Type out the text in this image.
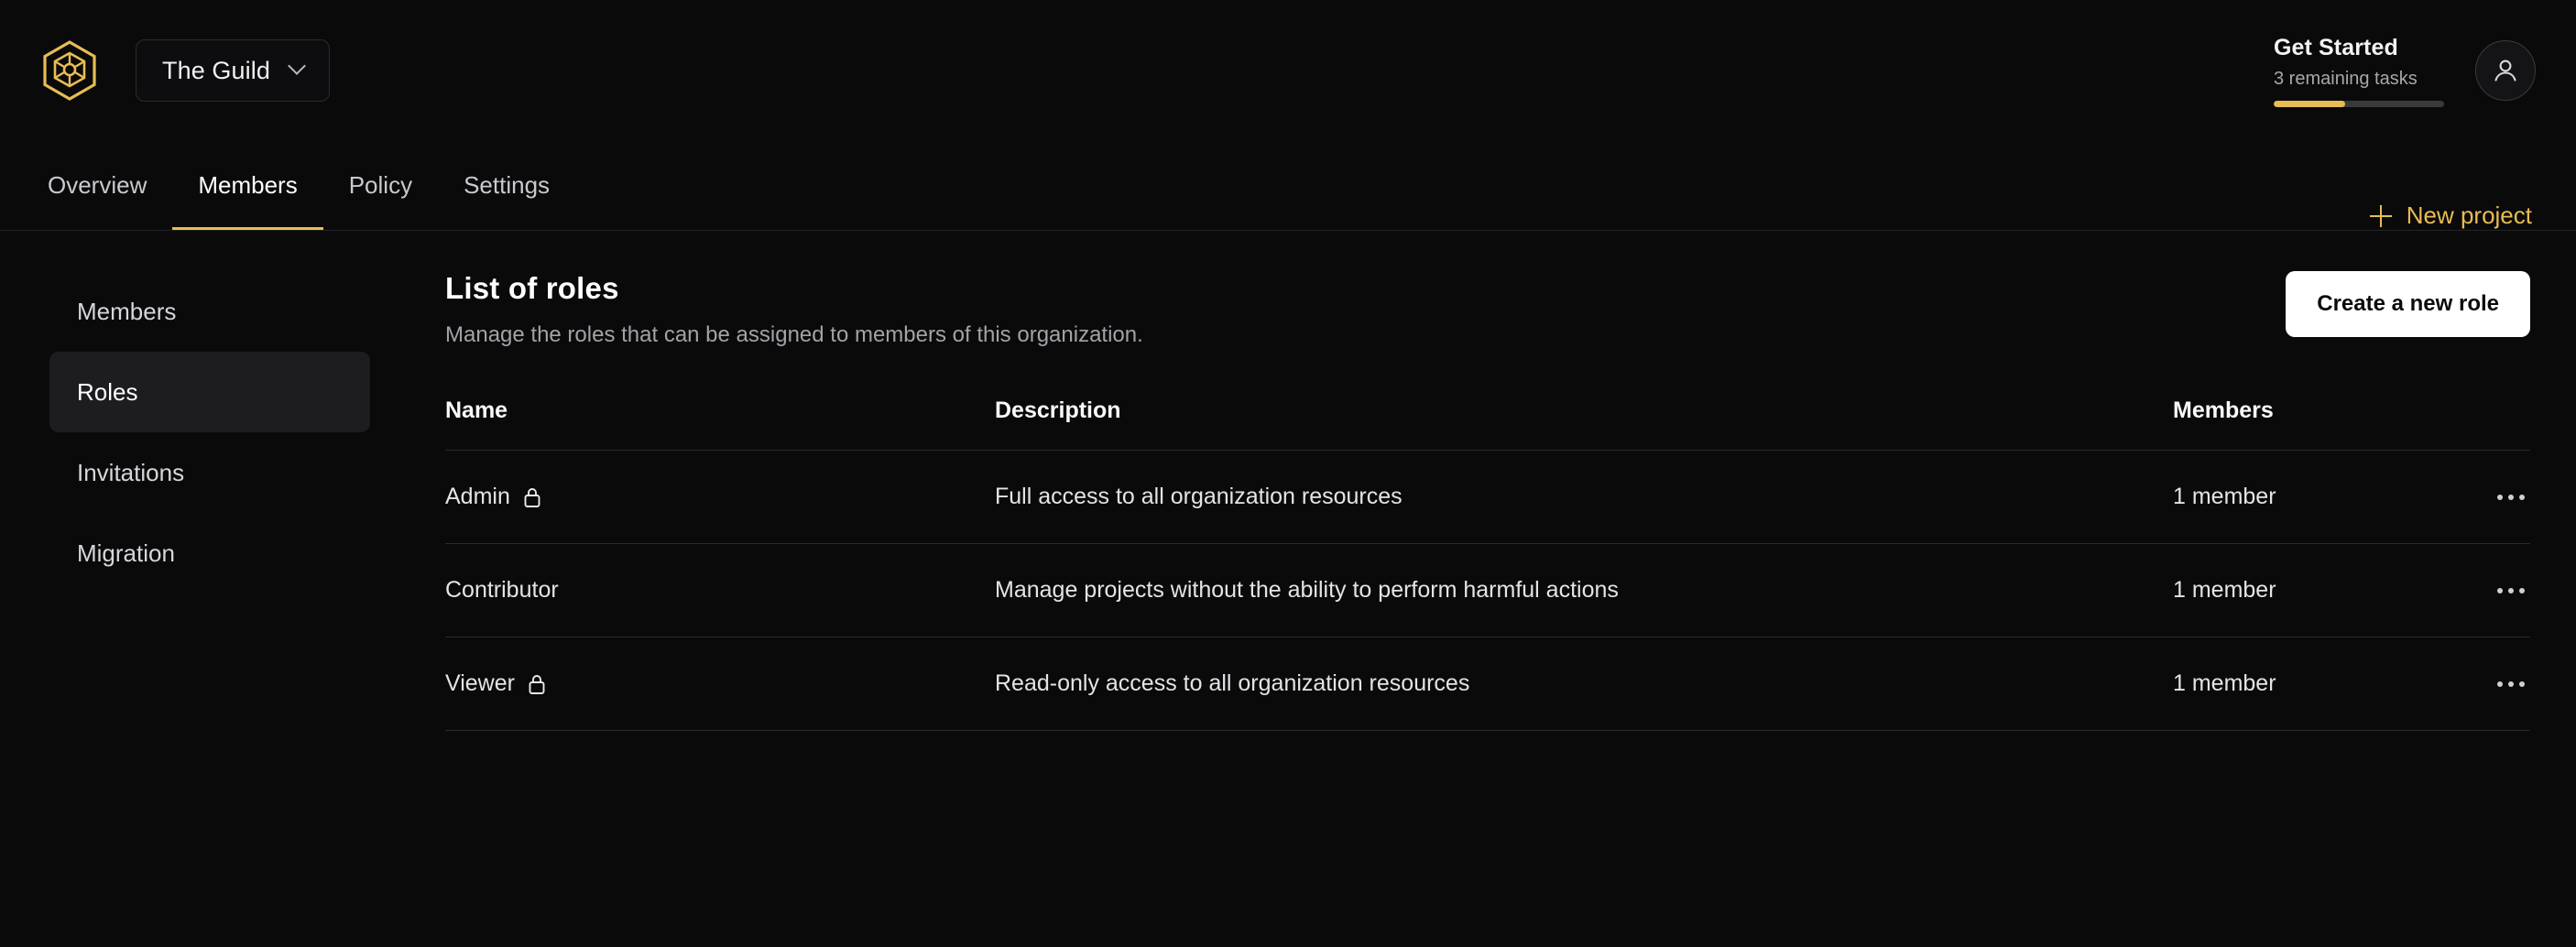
The Guild
Get Started
3 remaining tasks
Overview Members Policy Settings
New project
Members
Roles
Invitations
Migration
List of roles
Manage the roles that can be assigned to members of this organization.
Create a new role
Name	Description	Members	

Admin	Full access to all organization resources	1 member	

Contributor	Manage projects without the ability to perform harmful actions	1 member	

Viewer	Read-only access to all organization resources	1 member	
